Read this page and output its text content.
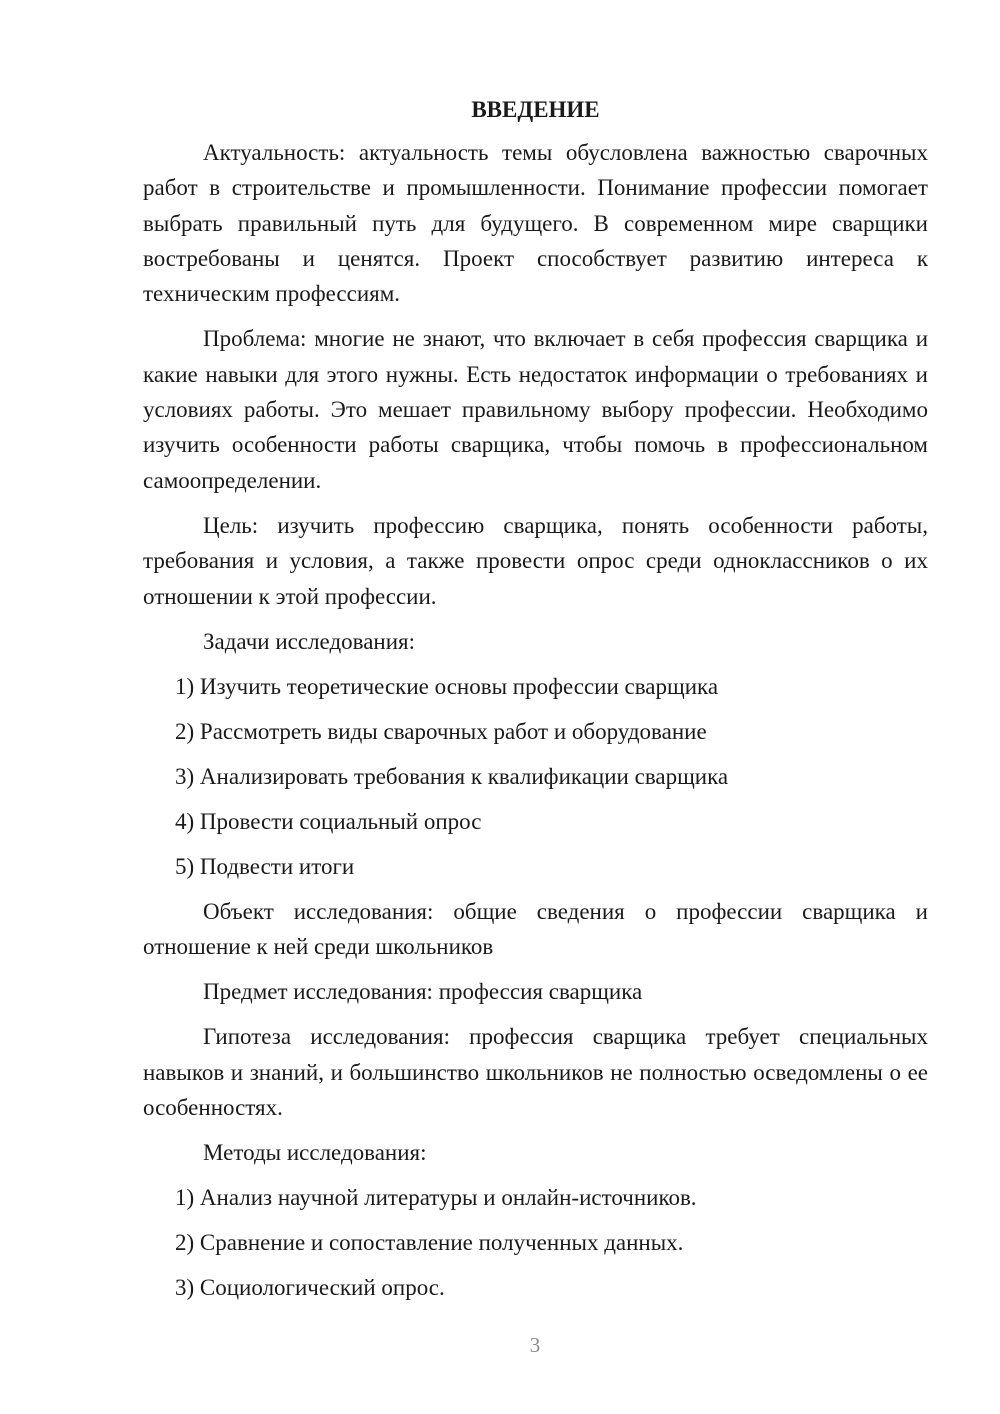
ВВЕДЕНИЕ

Актуальность: актуальность темы обусловлена важностью сварочных работ в строительстве и промышленности. Понимание профессии помогает выбрать правильный путь для будущего. В современном мире сварщики востребованы и ценятся. Проект способствует развитию интереса к техническим профессиям.

Проблема: многие не знают, что включает в себя профессия сварщика и какие навыки для этого нужны. Есть недостаток информации о требованиях и условиях работы. Это мешает правильному выбору профессии. Необходимо изучить особенности работы сварщика, чтобы помочь в профессиональном самоопределении.

Цель: изучить профессию сварщика, понять особенности работы, требования и условия, а также провести опрос среди одноклассников о их отношении к этой профессии.

Задачи исследования:
1) Изучить теоретические основы профессии сварщика
2) Рассмотреть виды сварочных работ и оборудование
3) Анализировать требования к квалификации сварщика
4) Провести социальный опрос
5) Подвести итоги

Объект исследования: общие сведения о профессии сварщика и отношение к ней среди школьников

Предмет исследования: профессия сварщика

Гипотеза исследования: профессия сварщика требует специальных навыков и знаний, и большинство школьников не полностью осведомлены о ее особенностях.

Методы исследования:
1) Анализ научной литературы и онлайн-источников.
2) Сравнение и сопоставление полученных данных.
3) Социологический опрос.
3
